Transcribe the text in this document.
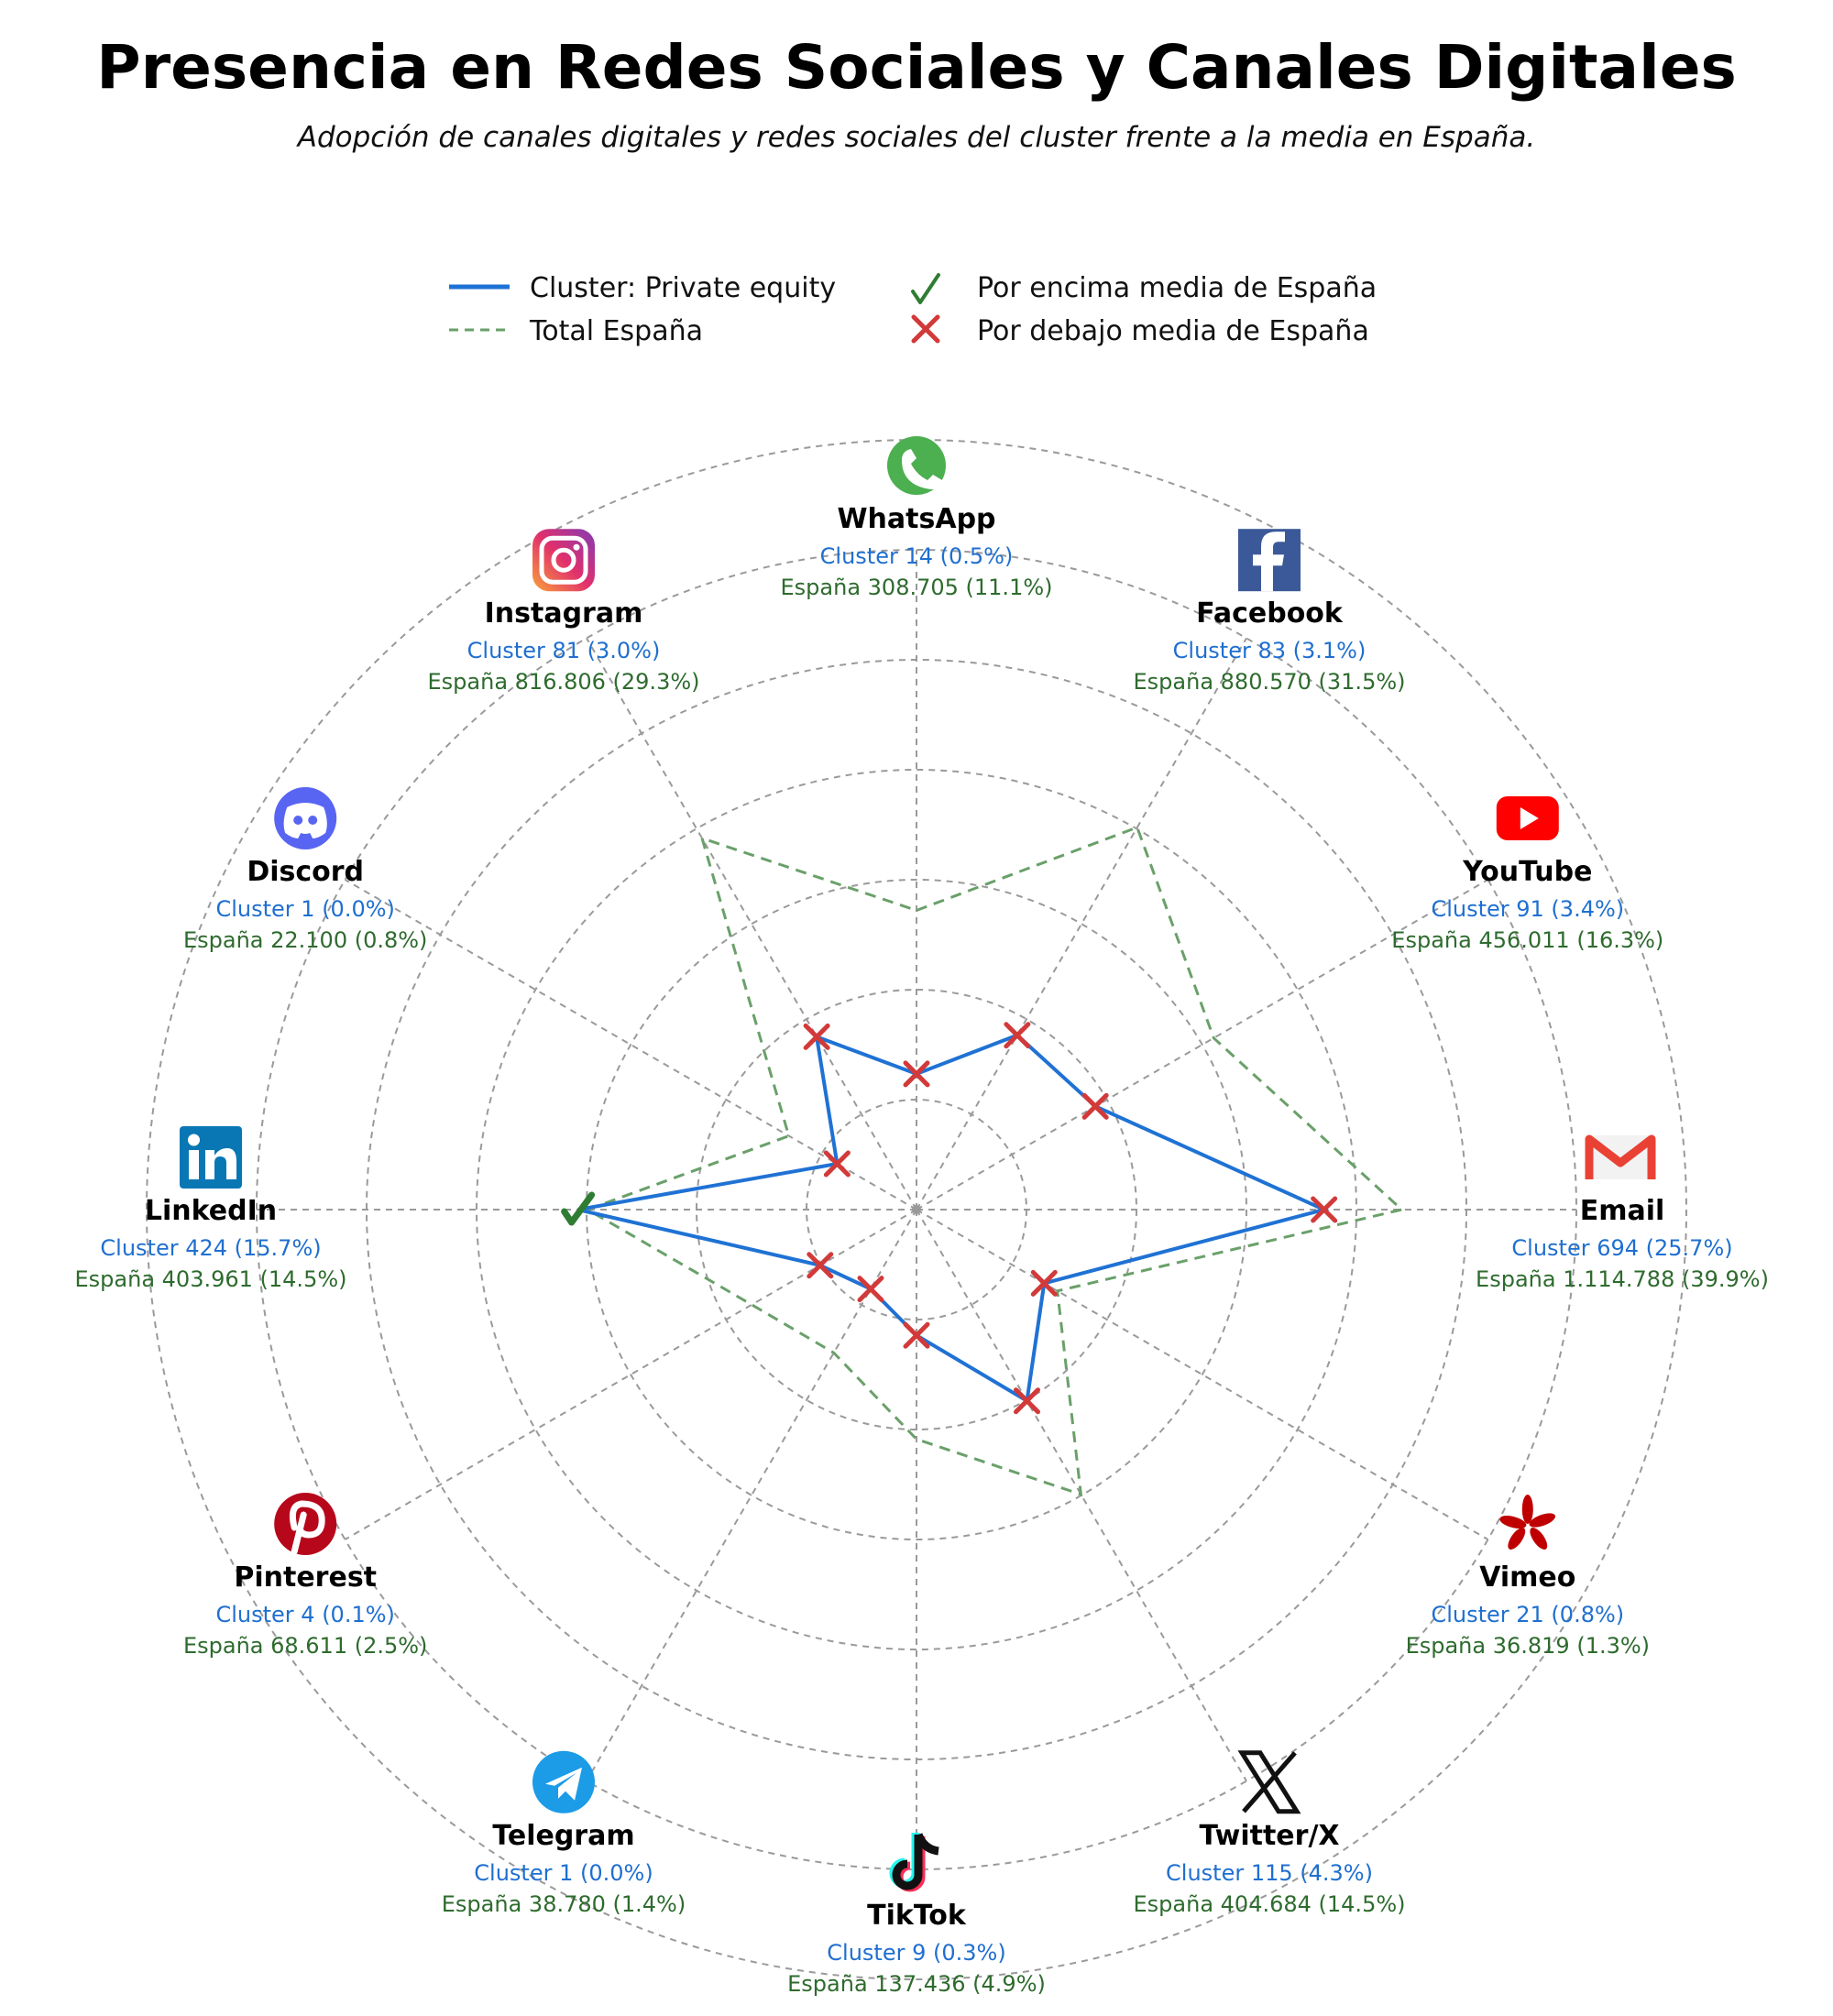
Presencia en Redes Sociales y Canales Digitales
Adopción de canales digitales y redes sociales del cluster frente a la media en España.
Cluster: Private equity
Total España
Por encima media de España
Por debajo media de España
WhatsApp
Cluster 14 (0.5%)
España 308.705 (11.1%)
Facebook
Cluster 83 (3.1%)
España 880.570 (31.5%)
YouTube
Cluster 91 (3.4%)
España 456.011 (16.3%)
Email
Cluster 694 (25.7%)
España 1.114.788 (39.9%)
Vimeo
Cluster 21 (0.8%)
España 36.819 (1.3%)
Twitter/X
Cluster 115 (4.3%)
España 404.684 (14.5%)
TikTok
Cluster 9 (0.3%)
España 137.436 (4.9%)
Telegram
Cluster 1 (0.0%)
España 38.780 (1.4%)
Pinterest
Cluster 4 (0.1%)
España 68.611 (2.5%)
LinkedIn
Cluster 424 (15.7%)
España 403.961 (14.5%)
Discord
Cluster 1 (0.0%)
España 22.100 (0.8%)
Instagram
Cluster 81 (3.0%)
España 816.806 (29.3%)
